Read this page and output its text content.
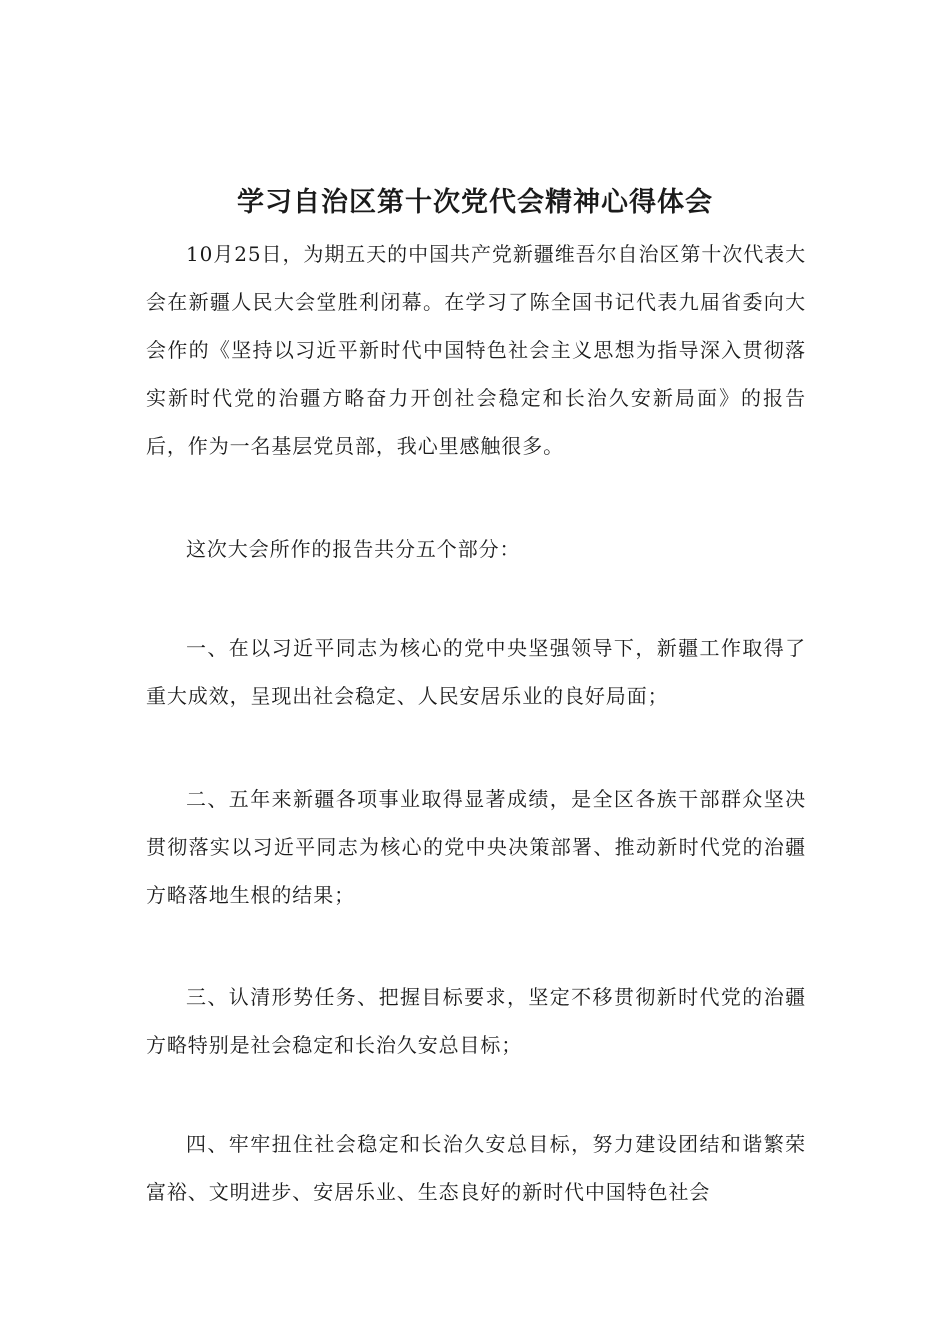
学习自治区第十次党代会精神心得体会

10月25日，为期五天的中国共产党新疆维吾尔自治区第十次代表大会在新疆人民大会堂胜利闭幕。在学习了陈全国书记代表九届省委向大会作的《坚持以习近平新时代中国特色社会主义思想为指导深入贯彻落实新时代党的治疆方略奋力开创社会稳定和长治久安新局面》的报告后，作为一名基层党员部，我心里感触很多。

这次大会所作的报告共分五个部分：

一、在以习近平同志为核心的党中央坚强领导下，新疆工作取得了重大成效，呈现出社会稳定、人民安居乐业的良好局面；

二、五年来新疆各项事业取得显著成绩，是全区各族干部群众坚决贯彻落实以习近平同志为核心的党中央决策部署、推动新时代党的治疆方略落地生根的结果；

三、认清形势任务、把握目标要求，坚定不移贯彻新时代党的治疆方略特别是社会稳定和长治久安总目标；

四、牢牢扭住社会稳定和长治久安总目标，努力建设团结和谐繁荣富裕、文明进步、安居乐业、生态良好的新时代中国特色社会
